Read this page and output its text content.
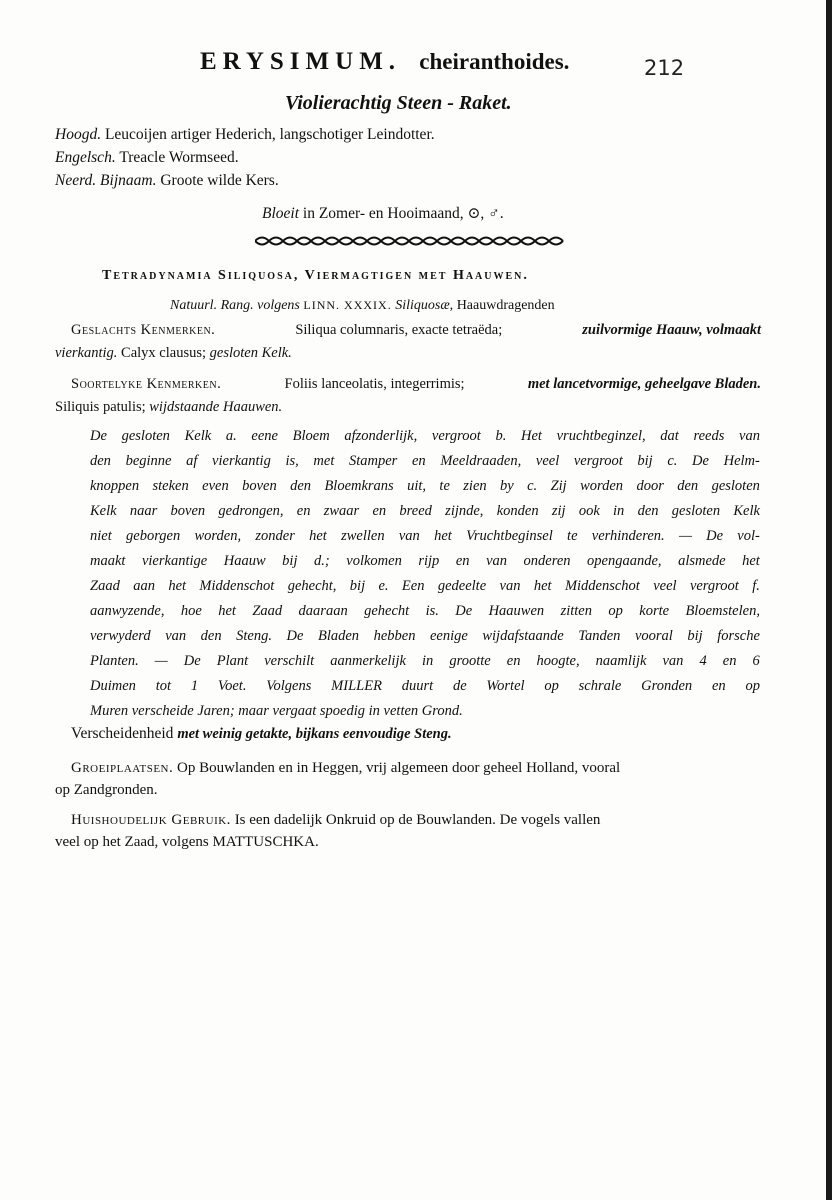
ERYSIMUM. cheiranthoides.	212
Violierachtig Steen - Raket.
Hoogd. Leucoijen artiger Hederich, langschotiger Leindotter.
Engelsch. Treacle Wormseed.
Neerd. Bijnaam. Groote wilde Kers.
Bloeit in Zomer- en Hooimaand, ⊙, ♂.
Tetradynamia Siliquosa, Viermagtigen met Haauwen.
Natuurl. Rang. volgens LINN. XXXIX. Siliquosæ, Haauwdragenden
Geslachts Kenmerken.	Siliqua columnaris, exacte tetraëda;	zuilvormige Haauw, volmaakt
vierkantig. Calyx clausus; gesloten Kelk.
Soortelyke Kenmerken.	Foliis lanceolatis, integerrimis;	met lancetvormige, geheelgave Bladen.
Siliquis patulis; wijdstaande Haauwen.
De gesloten Kelk a. eene Bloem afzonderlijk, vergroot b. Het vruchtbeginzel, dat reeds van
den beginne af vierkantig is, met Stamper en Meeldraaden, veel vergroot bij c. De Helm-
knoppen steken even boven den Bloemkrans uit, te zien by c. Zij worden door den gesloten
Kelk naar boven gedrongen, en zwaar en breed zijnde, konden zij ook in den gesloten Kelk
niet geborgen worden, zonder het zwellen van het Vruchtbeginsel te verhinderen. — De vol-
maakt vierkantige Haauw bij d.; volkomen rijp en van onderen opengaande, alsmede het
Zaad aan het Middenschot gehecht, bij e. Een gedeelte van het Middenschot veel vergroot f.
aanwyzende, hoe het Zaad daaraan gehecht is. De Haauwen zitten op korte Bloemstelen,
verwyderd van den Steng. De Bladen hebben eenige wijdafstaande Tanden vooral bij forsche
Planten. — De Plant verschilt aanmerkelijk in grootte en hoogte, naamlijk van 4 en 6
Duimen tot 1 Voet. Volgens MILLER duurt de Wortel op schrale Gronden en op
Muren verscheide Jaren; maar vergaat spoedig in vetten Grond.
Verscheidenheid met weinig getakte, bijkans eenvoudige Steng.
Groeiplaatsen. Op Bouwlanden en in Heggen, vrij algemeen door geheel Holland, vooral
op Zandgronden.
Huishoudelijk Gebruik. Is een dadelijk Onkruid op de Bouwlanden. De vogels vallen
veel op het Zaad, volgens MATTUSCHKA.
